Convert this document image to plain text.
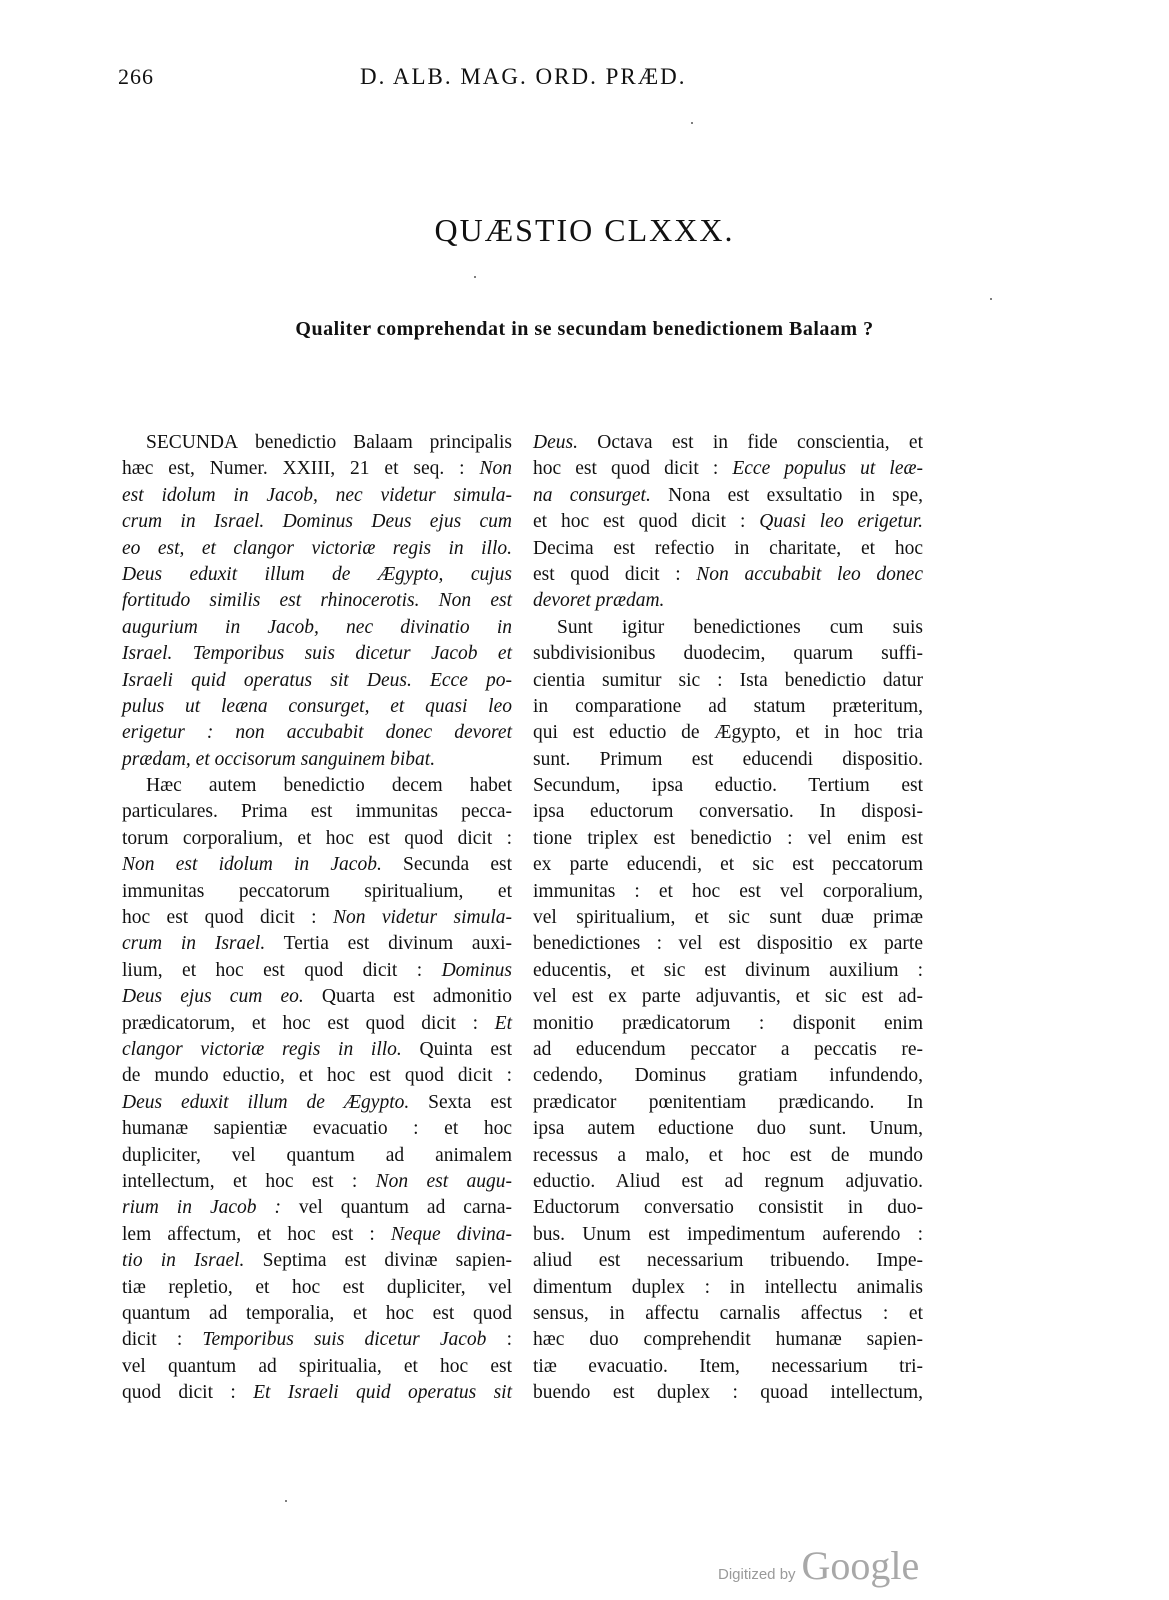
266	D. ALB. MAG. ORD. PRÆD.
QUÆSTIO CLXXX.
Qualiter comprehendat in se secundam benedictionem Balaam ?
SECUNDA benedictio Balaam principalis
hæc est, Numer. XXIII, 21 et seq. : Non
est idolum in Jacob, nec videtur simula-
crum in Israel. Dominus Deus ejus cum
eo est, et clangor victoriæ regis in illo.
Deus eduxit illum de Ægypto, cujus
fortitudo similis est rhinocerotis. Non est
augurium in Jacob, nec divinatio in
Israel. Temporibus suis dicetur Jacob et
Israeli quid operatus sit Deus. Ecce po-
pulus ut leæna consurget, et quasi leo
erigetur : non accubabit donec devoret
prædam, et occisorum sanguinem bibat.
Hæc autem benedictio decem habet
particulares. Prima est immunitas pecca-
torum corporalium, et hoc est quod dicit :
Non est idolum in Jacob. Secunda est
immunitas peccatorum spiritualium, et
hoc est quod dicit : Non videtur simula-
crum in Israel. Tertia est divinum auxi-
lium, et hoc est quod dicit : Dominus
Deus ejus cum eo. Quarta est admonitio
prædicatorum, et hoc est quod dicit : Et
clangor victoriæ regis in illo. Quinta est
de mundo eductio, et hoc est quod dicit :
Deus eduxit illum de Ægypto. Sexta est
humanæ sapientiæ evacuatio : et hoc
dupliciter, vel quantum ad animalem
intellectum, et hoc est : Non est augu-
rium in Jacob : vel quantum ad carna-
lem affectum, et hoc est : Neque divina-
tio in Israel. Septima est divinæ sapien-
tiæ repletio, et hoc est dupliciter, vel
quantum ad temporalia, et hoc est quod
dicit : Temporibus suis dicetur Jacob :
vel quantum ad spiritualia, et hoc est
quod dicit : Et Israeli quid operatus sit
Deus. Octava est in fide conscientia, et
hoc est quod dicit : Ecce populus ut leæ-
na consurget. Nona est exsultatio in spe,
et hoc est quod dicit : Quasi leo erigetur.
Decima est refectio in charitate, et hoc
est quod dicit : Non accubabit leo donec
devoret prædam.
Sunt igitur benedictiones cum suis
subdivisionibus duodecim, quarum suffi-
cientia sumitur sic : Ista benedictio datur
in comparatione ad statum præteritum,
qui est eductio de Ægypto, et in hoc tria
sunt. Primum est educendi dispositio.
Secundum, ipsa eductio. Tertium est
ipsa eductorum conversatio. In disposi-
tione triplex est benedictio : vel enim est
ex parte educendi, et sic est peccatorum
immunitas : et hoc est vel corporalium,
vel spiritualium, et sic sunt duæ primæ
benedictiones : vel est dispositio ex parte
educentis, et sic est divinum auxilium :
vel est ex parte adjuvantis, et sic est ad-
monitio prædicatorum : disponit enim
ad educendum peccator a peccatis re-
cedendo, Dominus gratiam infundendo,
prædicator pœnitentiam prædicando. In
ipsa autem eductione duo sunt. Unum,
recessus a malo, et hoc est de mundo
eductio. Aliud est ad regnum adjuvatio.
Eductorum conversatio consistit in duo-
bus. Unum est impedimentum auferendo :
aliud est necessarium tribuendo. Impe-
dimentum duplex : in intellectu animalis
sensus, in affectu carnalis affectus : et
hæc duo comprehendit humanæ sapien-
tiæ evacuatio. Item, necessarium tri-
buendo est duplex : quoad intellectum,
Digitized by Google
